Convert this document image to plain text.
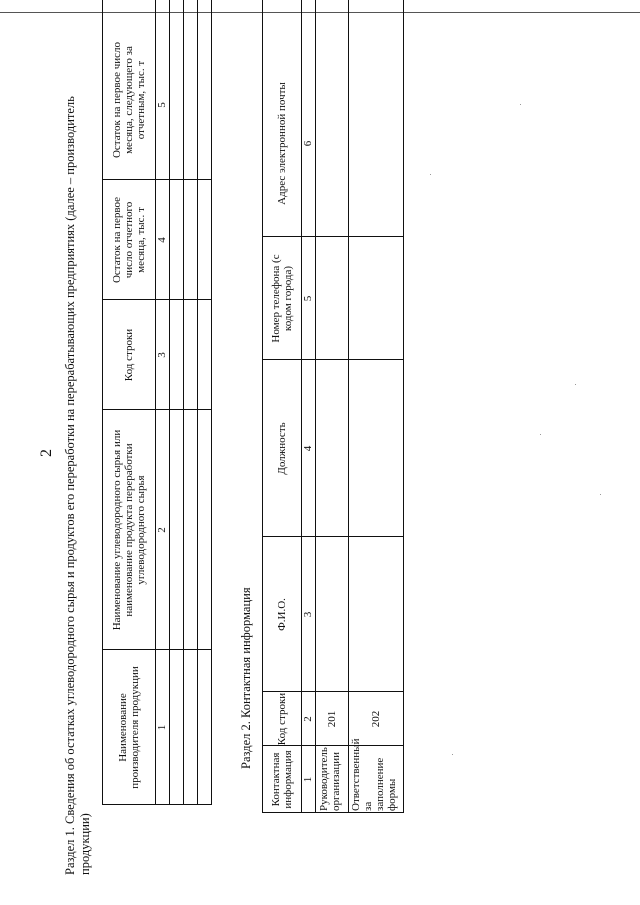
2 Раздел 1. Сведения об остатках углеводородного сырья и продуктов его переработки на перерабатывающих предприятиях (далее – производитель продукции)
Наименование производителя продукции
Наименование углеводородного сырья или наименование продукта переработки углеводородного сырья
Код строки
Остаток на первое число отчетного месяца, тыс. т
Остаток на первое число месяца, следующего за отчетным, тыс. т
1
2
3
4
5
Раздел 2. Контактная информация
Контактная информация
Код строки
Ф.И.О.
Должность
Номер телефона (с кодом города)
Адрес электронной почты
1
2
3
4
5
6
Руководитель организации
201
Ответственный за заполнение формы
202
